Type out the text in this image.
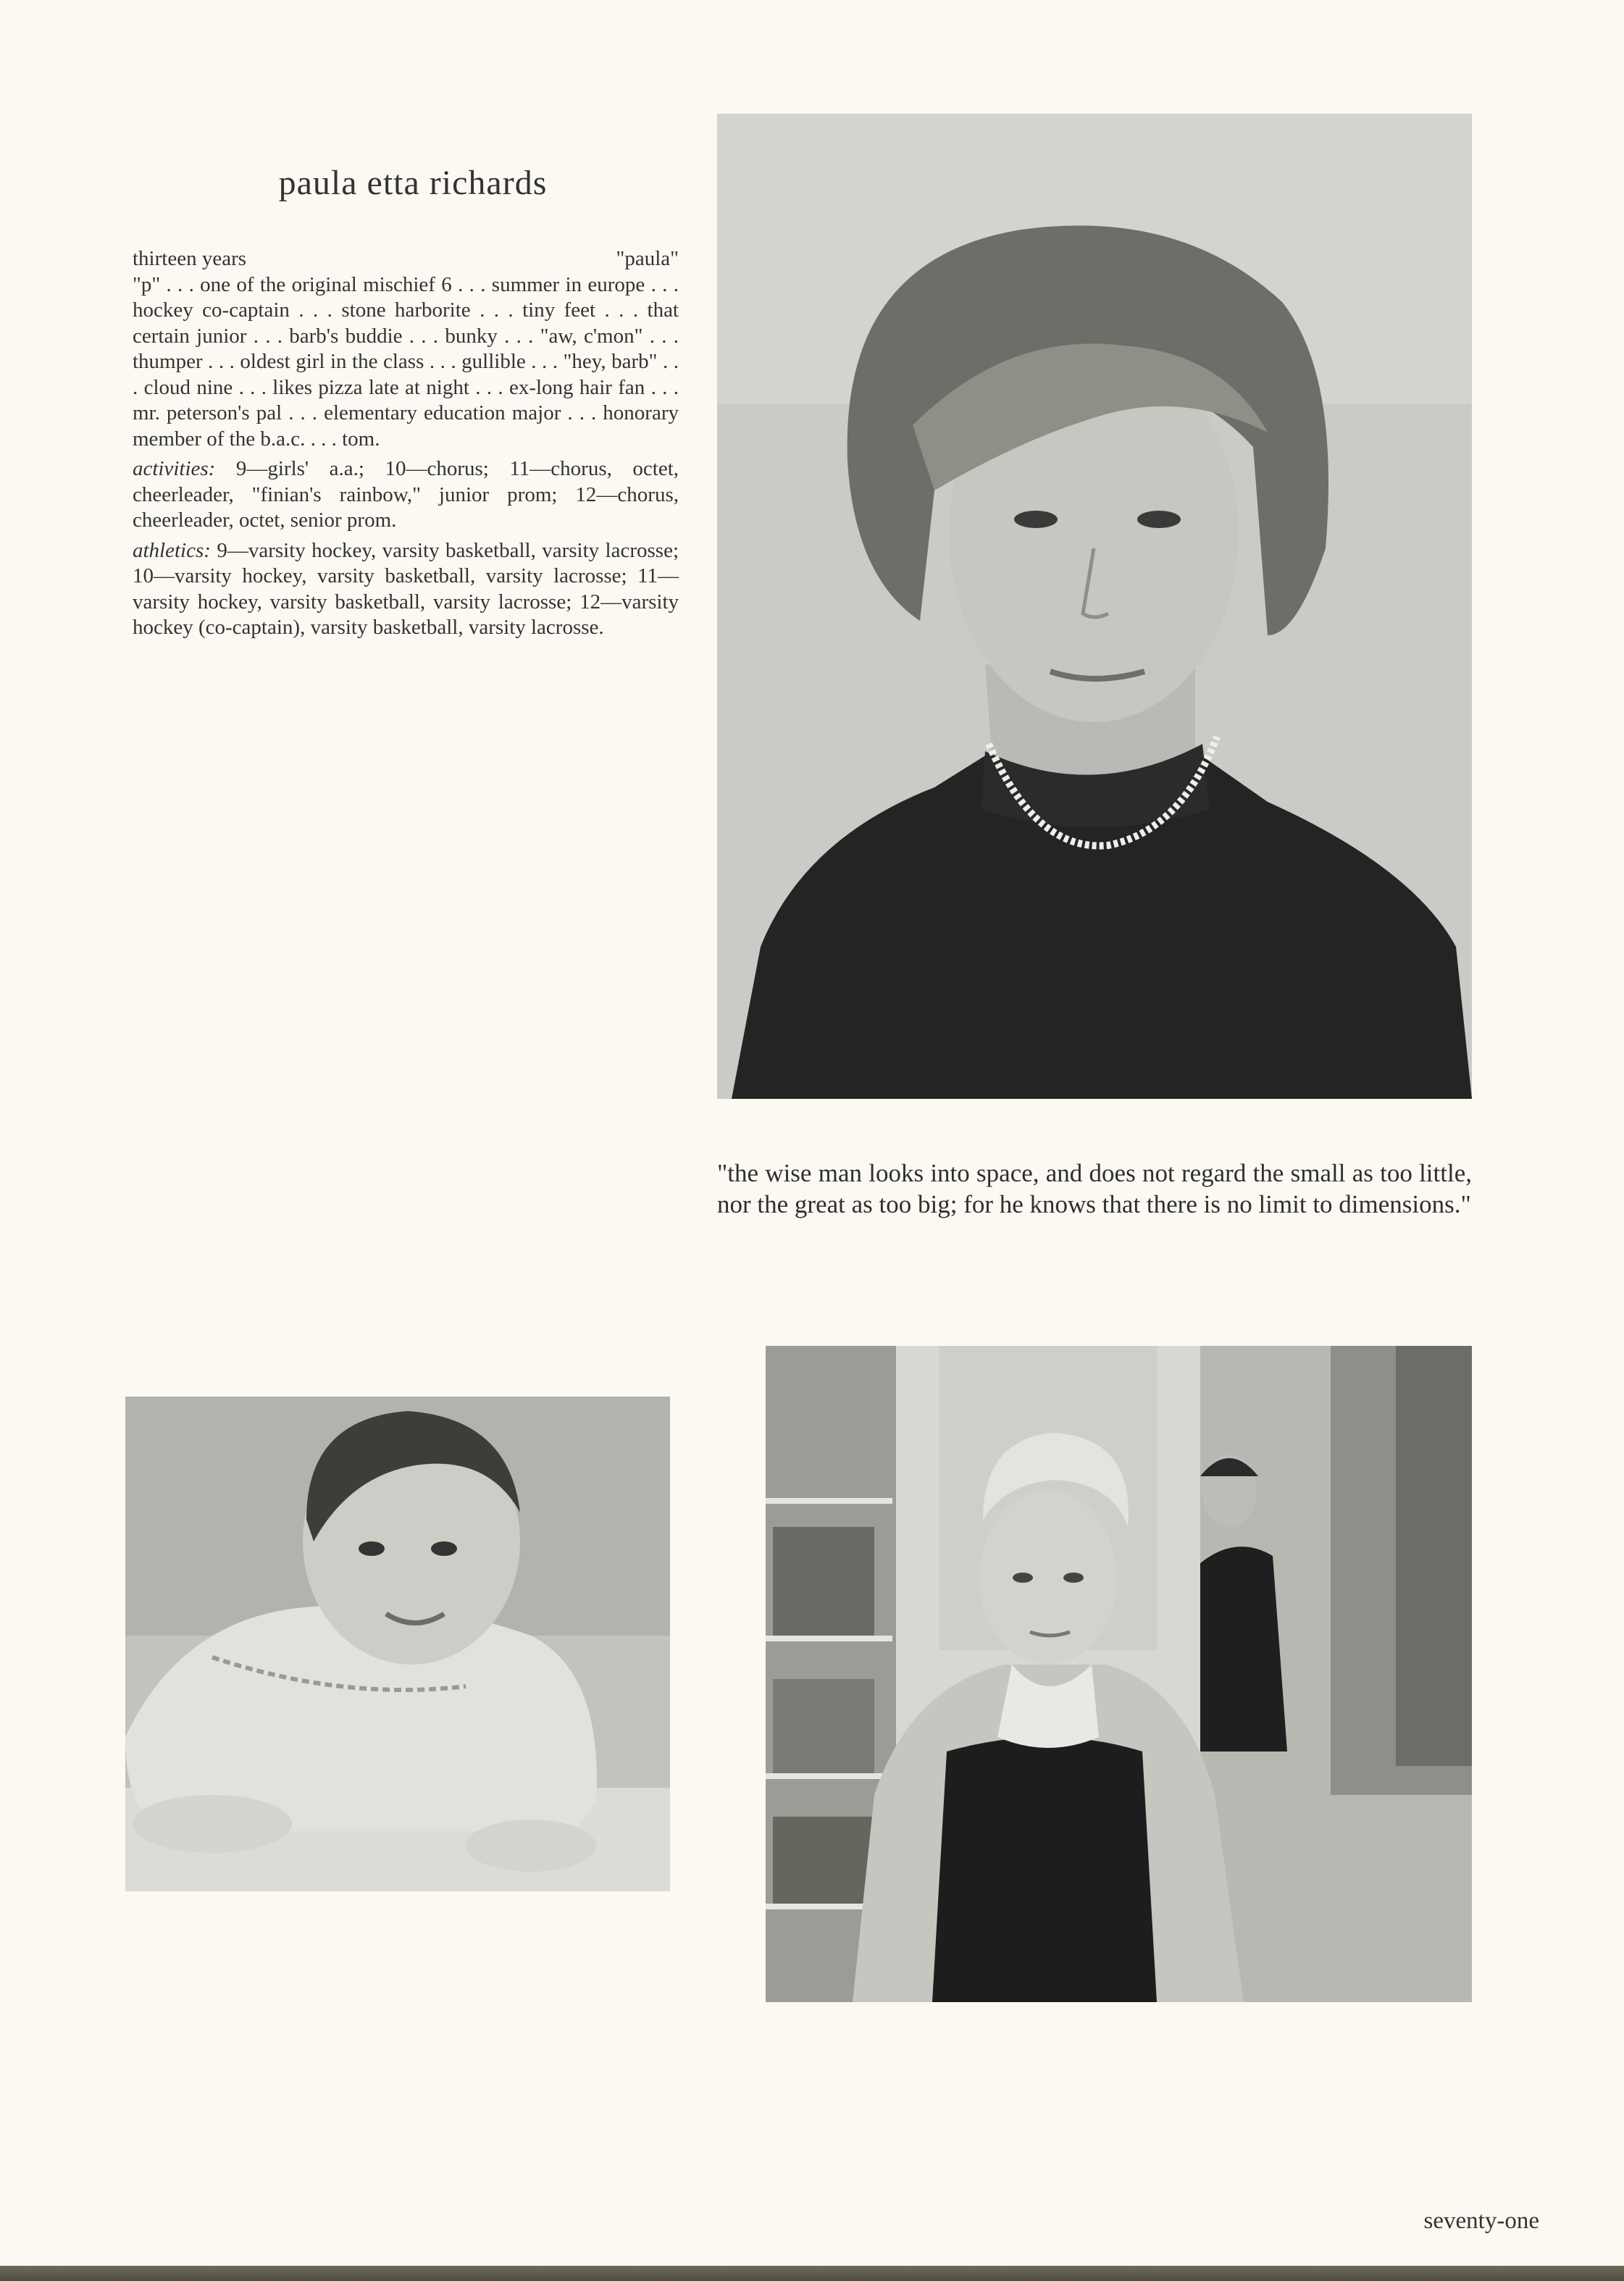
paula etta richards
thirteen years	"paula"

"p" . . . one of the original mischief 6 . . . summer in europe . . . hockey co-captain . . . stone harborite . . . tiny feet . . . that certain junior . . . barb's buddie . . . bunky . . . "aw, c'mon" . . . thumper . . . oldest girl in the class . . . gullible . . . "hey, barb" . . . cloud nine . . . likes pizza late at night . . . ex-long hair fan . . . mr. peterson's pal . . . elementary education major . . . honorary member of the b.a.c. . . . tom.

activities: 9—girls' a.a.; 10—chorus; 11—chorus, octet, cheerleader, "finian's rainbow," junior prom; 12—chorus, cheerleader, octet, senior prom.

athletics: 9—varsity hockey, varsity basketball, varsity lacrosse; 10—varsity hockey, varsity basketball, varsity lacrosse; 11—varsity hockey, varsity basketball, varsity lacrosse; 12—varsity hockey (co-captain), varsity basketball, varsity lacrosse.

"the wise man looks into space, and does not regard the small as too little, nor the great as too big; for he knows that there is no limit to dimensions."
seventy-one
